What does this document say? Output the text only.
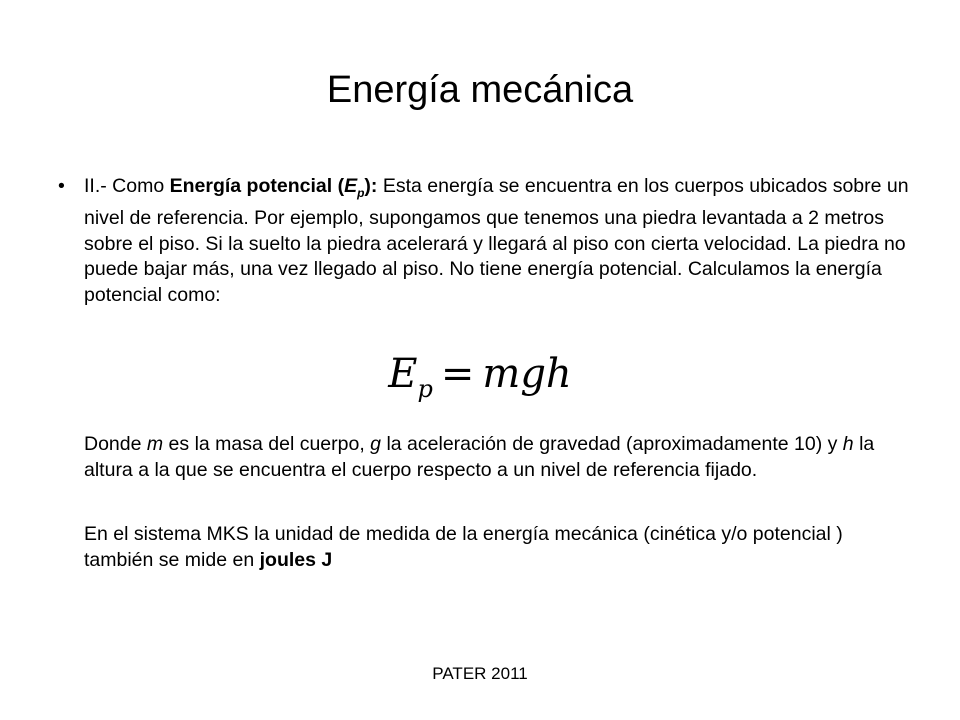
Energía mecánica
• II.- Como Energía potencial $(E_p)$: Esta energía se encuentra en los cuerpos ubicados sobre un nivel de referencia. Por ejemplo, supongamos que tenemos una piedra levantada a 2 metros sobre el piso. Si la suelto la piedra acelerará y llegará al piso con cierta velocidad. La piedra no puede bajar más, una vez llegado al piso. No tiene energía potencial. Calculamos la energía potencial como:
$E_p$ = mgh
Donde m es la masa del cuerpo, g la aceleración de gravedad (aproximadamente 10) y h la altura a la que se encuentra el cuerpo respecto a un nivel de referencia fijado.
En el sistema MKS la unidad de medida de la energía mecánica (cinética y/o potencial ) también se mide en joules J
PATER 2011
